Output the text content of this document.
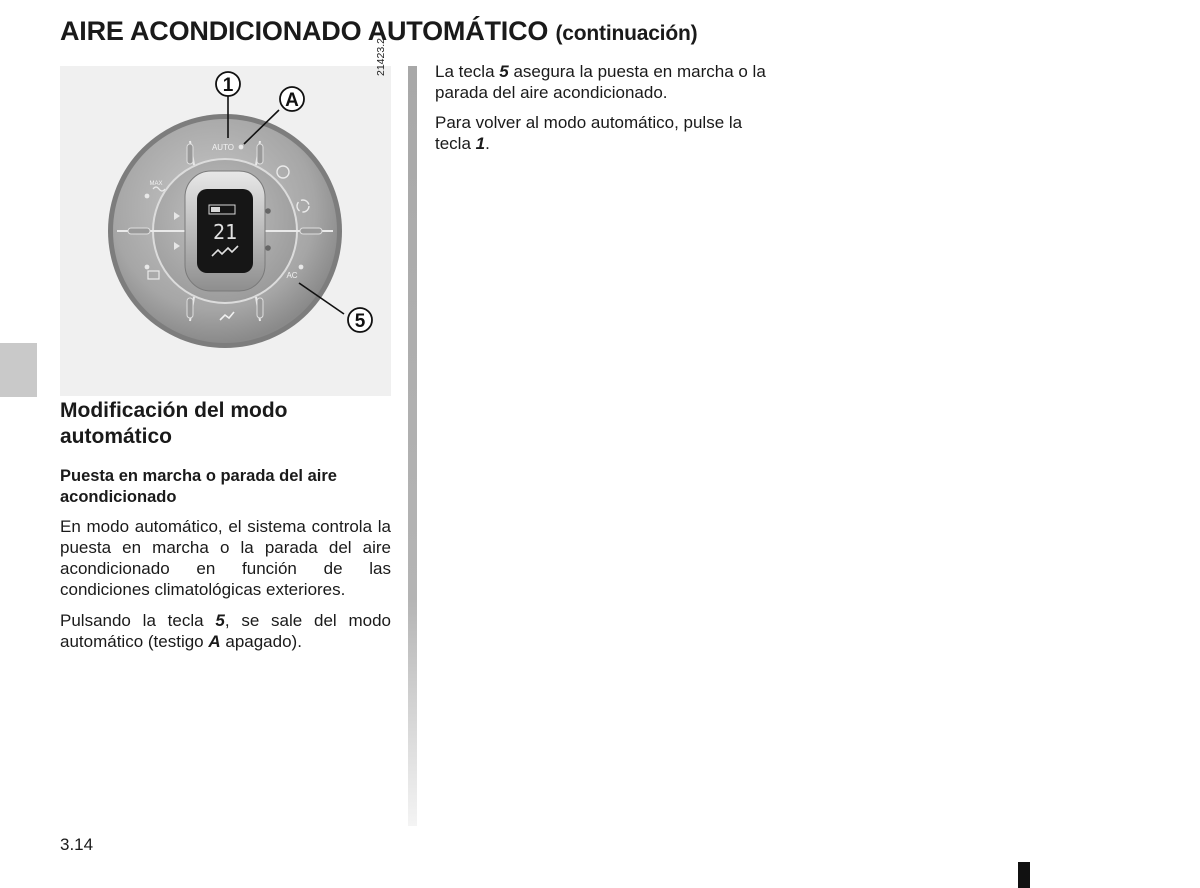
AIRE ACONDICIONADO AUTOMÁTICO (continuación)
21
AUTO
AC
MAX
1
A
5
21423.2
Modificación del modo automático
Puesta en marcha o parada del aire acondicionado

En modo automático, el sistema controla la puesta en marcha o la parada del aire acondicionado en función de las condiciones climatológicas exteriores.

Pulsando la tecla 5, se sale del modo automático (testigo A apagado).

La tecla 5 asegura la puesta en marcha o la parada del aire acondicionado.

Para volver al modo automático, pulse la tecla 1.

3.14
